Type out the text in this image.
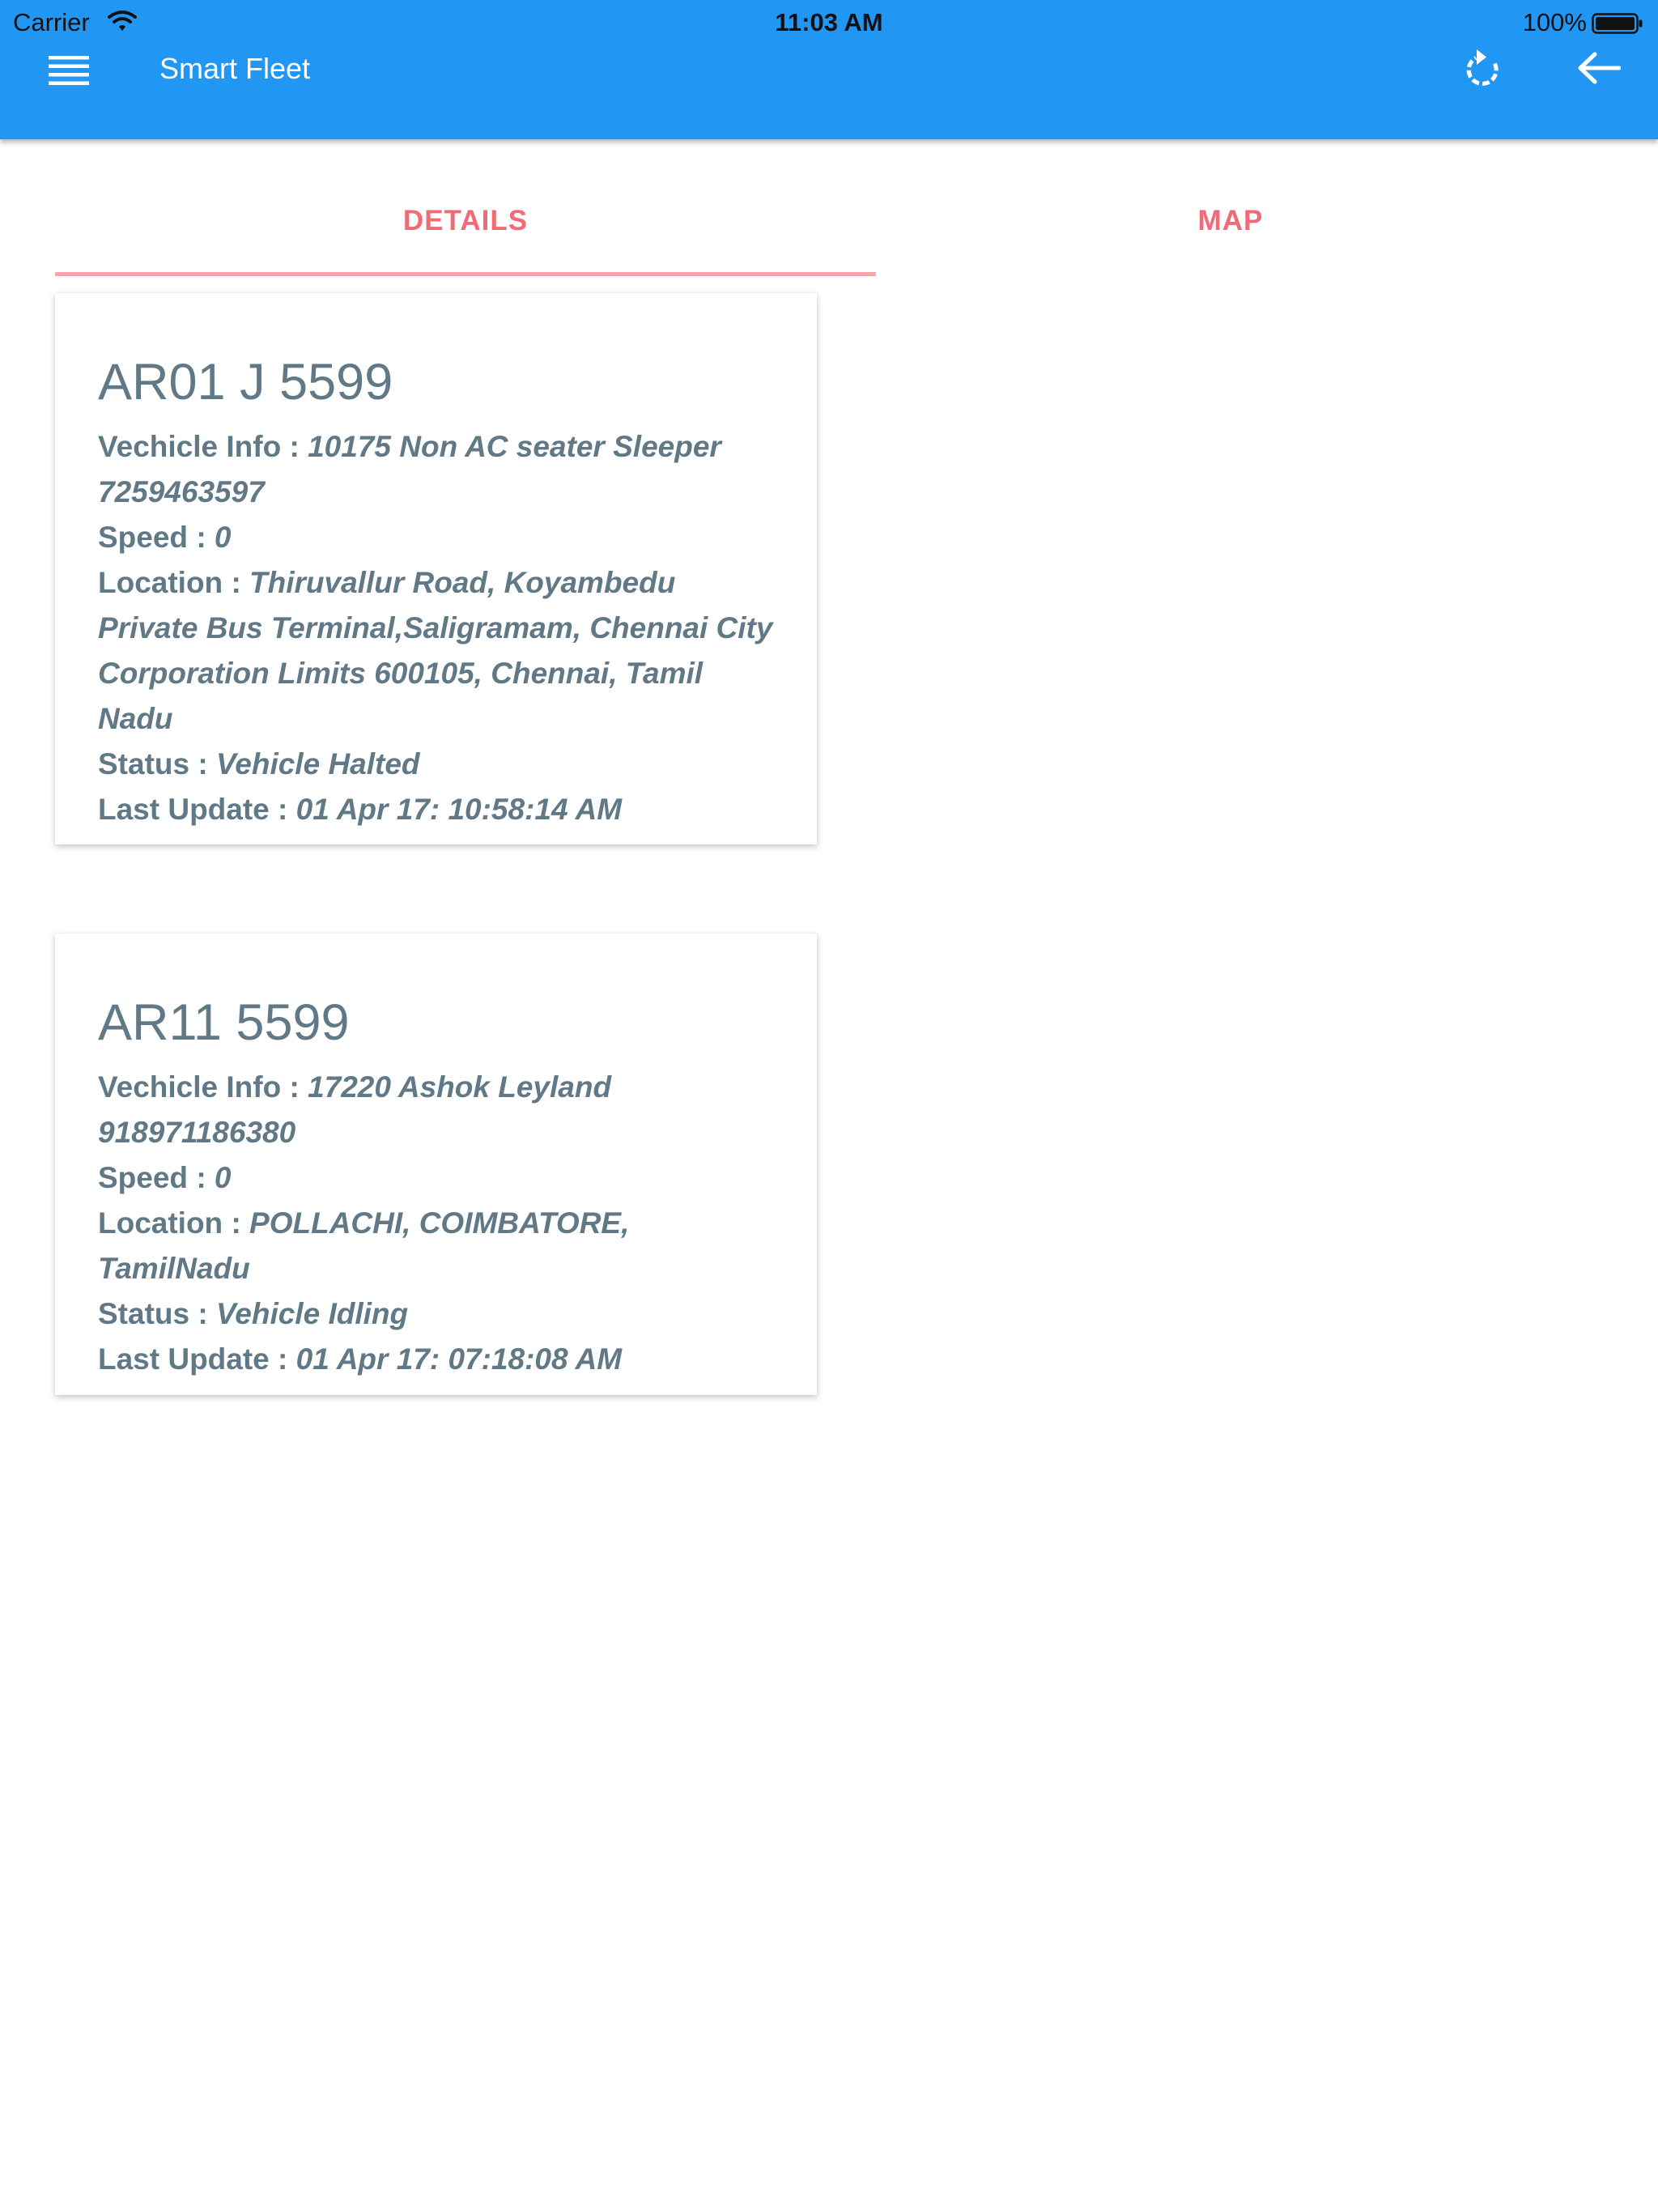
Carrier	11:03 AM	100%
Smart Fleet
DETAILS	MAP
AR01 J 5599
Vechicle Info : 10175 Non AC seater Sleeper 7259463597
Speed : 0
Location : Thiruvallur Road, Koyambedu Private Bus Terminal,Saligramam, Chennai City Corporation Limits 600105, Chennai, Tamil Nadu
Status : Vehicle Halted
Last Update : 01 Apr 17: 10:58:14 AM
AR11 5599
Vechicle Info : 17220 Ashok Leyland 918971186380
Speed : 0
Location : POLLACHI, COIMBATORE, TamilNadu
Status : Vehicle Idling
Last Update : 01 Apr 17: 07:18:08 AM
